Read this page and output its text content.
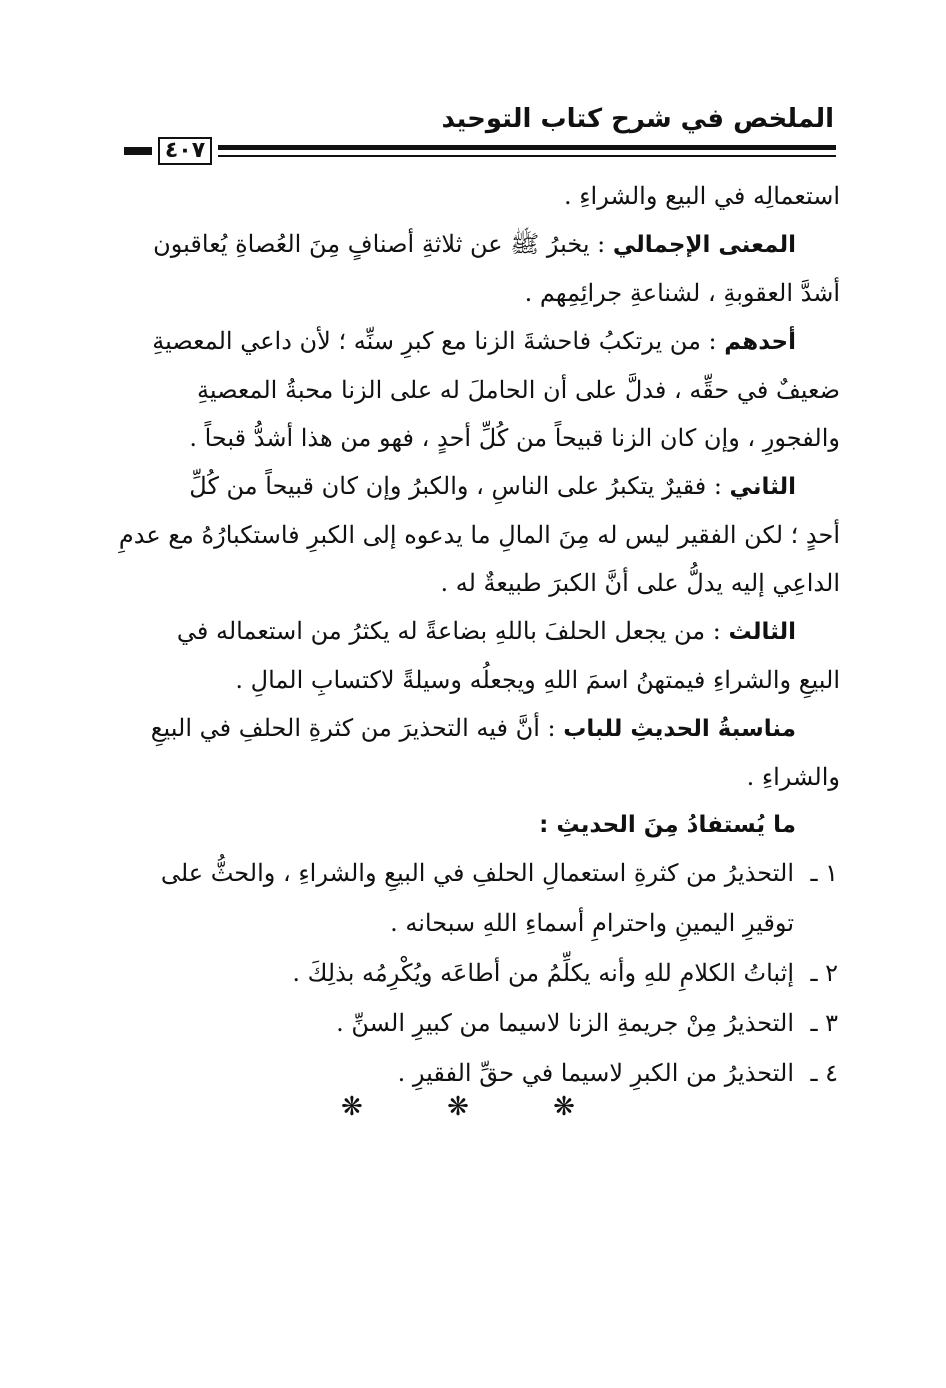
الملخص في شرح كتاب التوحيد
٤٠٧
استعمالِه في البيع والشراءِ .
المعنى الإجمالي : يخبرُ ﷺ عن ثلاثةِ أصنافٍ مِنَ العُصاةِ يُعاقبون
أشدَّ العقوبةِ ، لشناعةِ جرائِمِهم .
أحدهم : من يرتكبُ فاحشةَ الزنا مع كبرِ سنِّه ؛ لأن داعي المعصيةِ
ضعيفٌ في حقِّه ، فدلَّ على أن الحاملَ له على الزنا محبةُ المعصيةِ
والفجورِ ، وإن كان الزنا قبيحاً من كُلِّ أحدٍ ، فهو من هذا أشدُّ قبحاً .
الثاني : فقيرٌ يتكبرُ على الناسِ ، والكبرُ وإن كان قبيحاً من كُلِّ
أحدٍ ؛ لكن الفقير ليس له مِنَ المالِ ما يدعوه إلى الكبرِ فاستكبارُهُ مع عدمِ
الداعِي إليه يدلُّ على أنَّ الكبرَ طبيعةٌ له .
الثالث : من يجعل الحلفَ باللهِ بضاعةً له يكثرُ من استعماله في
البيعِ والشراءِ فيمتهنُ اسمَ اللهِ ويجعلُه وسيلةً لاكتسابِ المالِ .
مناسبةُ الحديثِ للباب : أنَّ فيه التحذيرَ من كثرةِ الحلفِ في البيعِ
والشراءِ .
ما يُستفادُ مِنَ الحديثِ :
١ ـالتحذيرُ من كثرةِ استعمالِ الحلفِ في البيعِ والشراءِ ، والحثُّ على
توقيرِ اليمينِ واحترامِ أسماءِ اللهِ سبحانه .
٢ ـإثباتُ الكلامِ للهِ وأنه يكلِّمُ من أطاعَه ويُكْرِمُه بذلِكَ .
٣ ـالتحذيرُ مِنْ جريمةِ الزنا لاسيما من كبيرِ السنِّ .
٤ ـالتحذيرُ من الكبرِ لاسيما في حقِّ الفقيرِ .
❋ ❋ ❋
